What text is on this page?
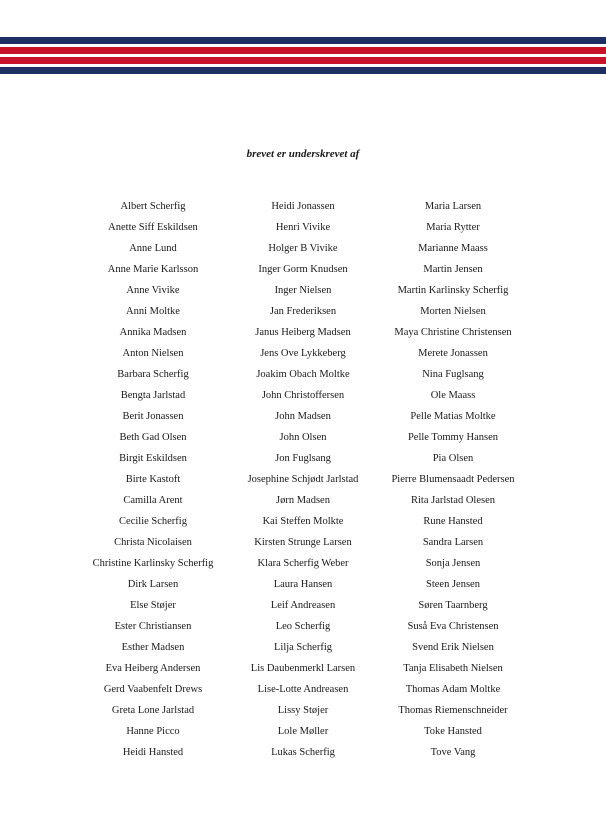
brevet er underskrevet af
Albert Scherfig
Anette Siff Eskildsen
Anne Lund
Anne Marie Karlsson
Anne Vivike
Anni Moltke
Annika Madsen
Anton Nielsen
Barbara Scherfig
Bengta Jarlstad
Berit Jonassen
Beth Gad Olsen
Birgit Eskildsen
Birte Kastoft
Camilla Arent
Cecilie Scherfig
Christa Nicolaisen
Christine Karlinsky Scherfig
Dirk Larsen
Else Støjer
Ester Christiansen
Esther Madsen
Eva Heiberg Andersen
Gerd Vaabenfelt Drews
Greta Lone Jarlstad
Hanne Picco
Heidi Hansted
Heidi Jonassen
Henri Vivike
Holger B Vivike
Inger Gorm Knudsen
Inger Nielsen
Jan Frederiksen
Janus Heiberg Madsen
Jens Ove Lykkeberg
Joakim Obach Moltke
John Christoffersen
John Madsen
John Olsen
Jon Fuglsang
Josephine Schjødt Jarlstad
Jørn Madsen
Kai Steffen Molkte
Kirsten Strunge Larsen
Klara Scherfig Weber
Laura Hansen
Leif Andreasen
Leo Scherfig
Lilja Scherfig
Lis Daubenmerkl Larsen
Lise-Lotte Andreasen
Lissy Støjer
Lole Møller
Lukas Scherfig
Maria Larsen
Maria Rytter
Marianne Maass
Martin Jensen
Martin Karlinsky Scherfig
Morten Nielsen
Maya Christine Christensen
Merete Jonassen
Nina Fuglsang
Ole Maass
Pelle Matias Moltke
Pelle Tommy Hansen
Pia Olsen
Pierre Blumensaadt Pedersen
Rita Jarlstad Olesen
Rune Hansted
Sandra Larsen
Sonja Jensen
Steen Jensen
Søren Taarnberg
Suså Eva Christensen
Svend Erik Nielsen
Tanja Elisabeth Nielsen
Thomas Adam Moltke
Thomas Riemenschneider
Toke Hansted
Tove Vang
